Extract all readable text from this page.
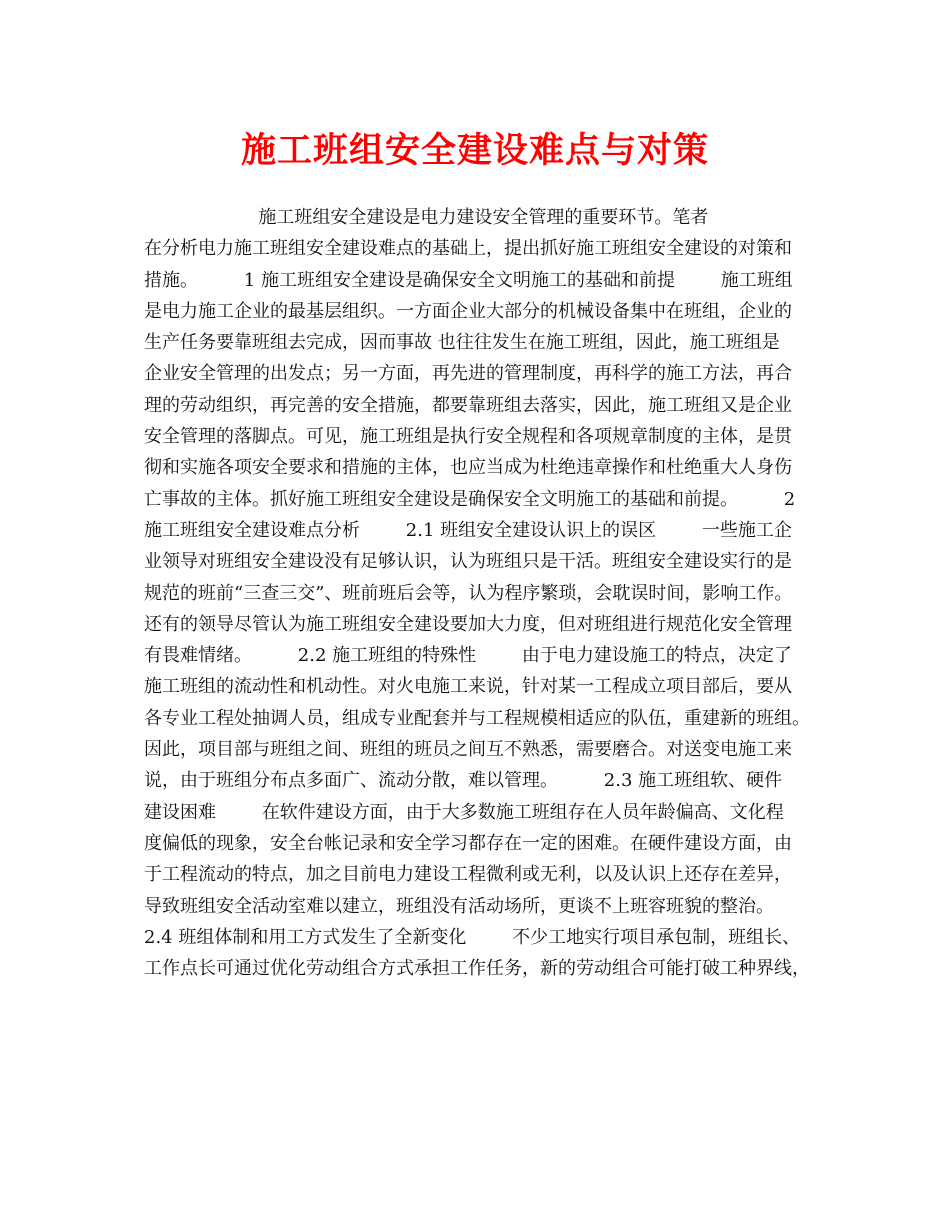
施工班组安全建设难点与对策
施工班组安全建设是电力建设安全管理的重要环节。笔者
在分析电力施工班组安全建设难点的基础上，提出抓好施工班组安全建设的对策和
措施。        1 施工班组安全建设是确保安全文明施工的基础和前提        施工班组
是电力施工企业的最基层组织。一方面企业大部分的机械设备集中在班组，企业的
生产任务要靠班组去完成，因而事故 也往往发生在施工班组，因此，施工班组是
企业安全管理的出发点；另一方面，再先进的管理制度，再科学的施工方法，再合
理的劳动组织，再完善的安全措施，都要靠班组去落实，因此，施工班组又是企业
安全管理的落脚点。可见，施工班组是执行安全规程和各项规章制度的主体，是贯
彻和实施各项安全要求和措施的主体，也应当成为杜绝违章操作和杜绝重大人身伤
亡事故的主体。抓好施工班组安全建设是确保安全文明施工的基础和前提。        2
施工班组安全建设难点分析        2.1 班组安全建设认识上的误区        一些施工企
业领导对班组安全建设没有足够认识，认为班组只是干活。班组安全建设实行的是
规范的班前“三查三交”、班前班后会等，认为程序繁琐，会耽误时间，影响工作。
还有的领导尽管认为施工班组安全建设要加大力度，但对班组进行规范化安全管理
有畏难情绪。        2.2 施工班组的特殊性        由于电力建设施工的特点，决定了
施工班组的流动性和机动性。对火电施工来说，针对某一工程成立项目部后，要从
各专业工程处抽调人员，组成专业配套并与工程规模相适应的队伍，重建新的班组。
因此，项目部与班组之间、班组的班员之间互不熟悉，需要磨合。对送变电施工来
说，由于班组分布点多面广、流动分散，难以管理。        2.3 施工班组软、硬件
建设困难        在软件建设方面，由于大多数施工班组存在人员年龄偏高、文化程
度偏低的现象，安全台帐记录和安全学习都存在一定的困难。在硬件建设方面，由
于工程流动的特点，加之目前电力建设工程微利或无利，以及认识上还存在差异，
导致班组安全活动室难以建立，班组没有活动场所，更谈不上班容班貌的整治。
2.4 班组体制和用工方式发生了全新变化        不少工地实行项目承包制，班组长、
工作点长可通过优化劳动组合方式承担工作任务，新的劳动组合可能打破工种界线，
